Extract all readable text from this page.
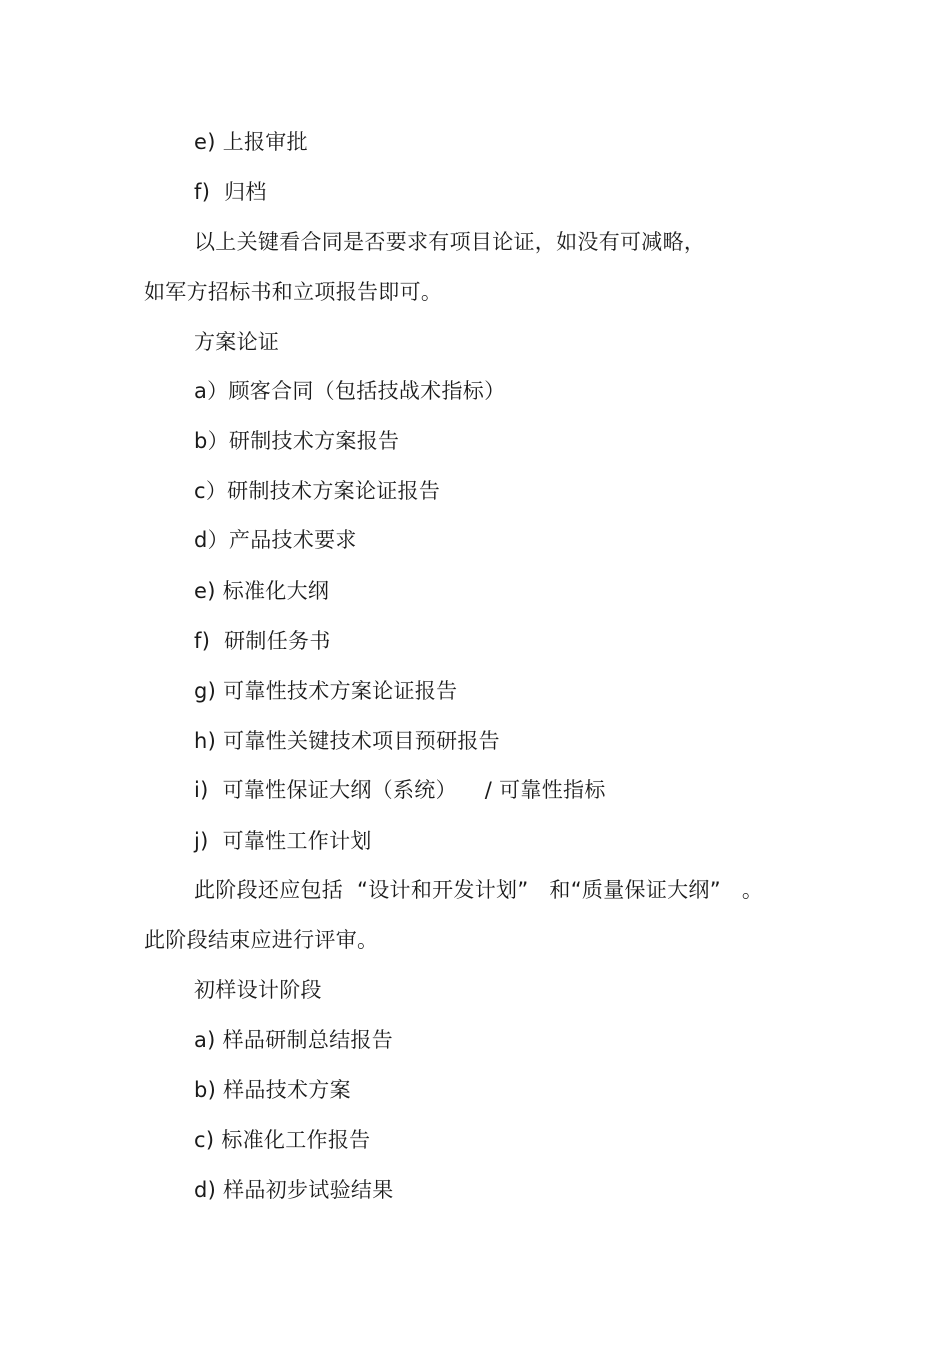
e) 上报审批
f)  归档
以上关键看合同是否要求有项目论证，如没有可减略，
如军方招标书和立项报告即可。
方案论证
a）顾客合同（包括技战术指标）
b）研制技术方案报告
c）研制技术方案论证报告
d）产品技术要求
e) 标准化大纲
f)  研制任务书
g) 可靠性技术方案论证报告
h) 可靠性关键技术项目预研报告
i)  可靠性保证大纲（系统）    / 可靠性指标
j)  可靠性工作计划
此阶段还应包括  “设计和开发计划”   和“质量保证大纲”   。
此阶段结束应进行评审。
初样设计阶段
a) 样品研制总结报告
b) 样品技术方案
c) 标准化工作报告
d) 样品初步试验结果
